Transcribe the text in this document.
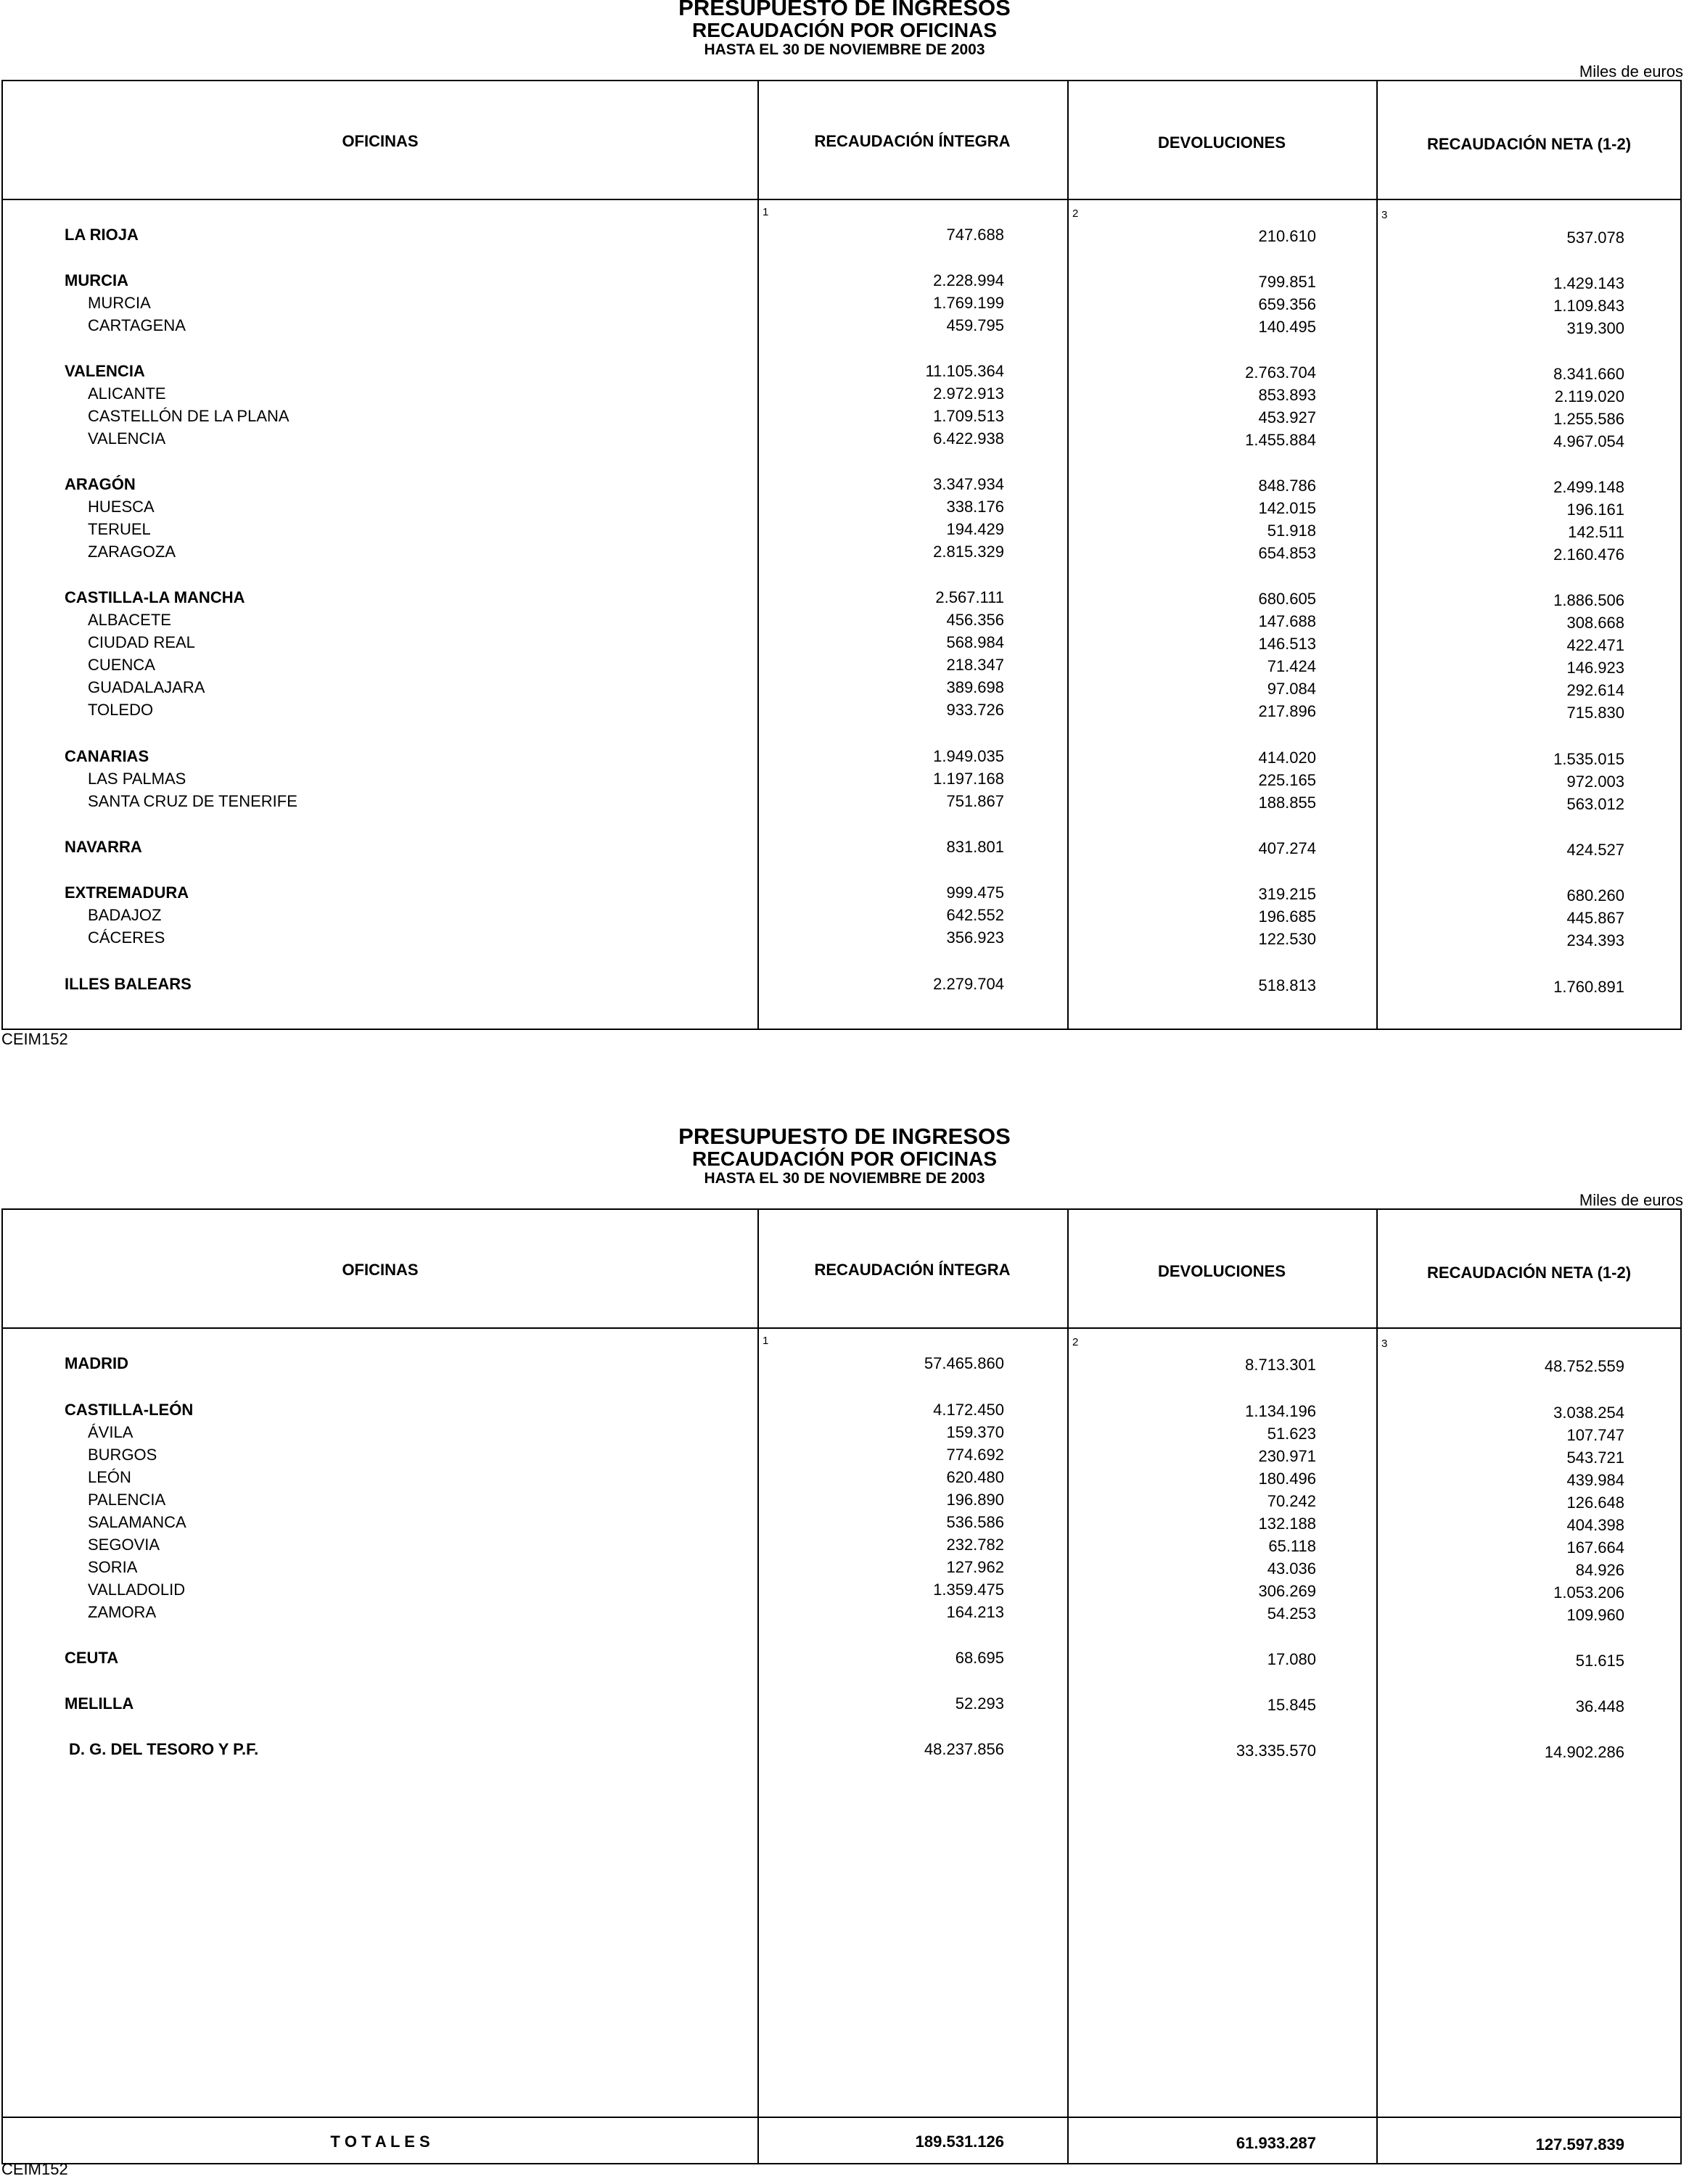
PRESUPUESTO DE INGRESOS
RECAUDACIÓN POR OFICINAS
HASTA EL 30 DE NOVIEMBRE DE 2003
Miles de euros
OFICINAS	RECAUDACIÓN ÍNTEGRA	DEVOLUCIONES	RECAUDACIÓN NETA (1-2)
1	2	3
LA RIOJA	747.688	210.610	537.078
MURCIA	2.228.994	799.851	1.429.143
MURCIA	1.769.199	659.356	1.109.843
CARTAGENA	459.795	140.495	319.300
VALENCIA	11.105.364	2.763.704	8.341.660
ALICANTE	2.972.913	853.893	2.119.020
CASTELLÓN DE LA PLANA	1.709.513	453.927	1.255.586
VALENCIA	6.422.938	1.455.884	4.967.054
ARAGÓN	3.347.934	848.786	2.499.148
HUESCA	338.176	142.015	196.161
TERUEL	194.429	51.918	142.511
ZARAGOZA	2.815.329	654.853	2.160.476
CASTILLA-LA MANCHA	2.567.111	680.605	1.886.506
ALBACETE	456.356	147.688	308.668
CIUDAD REAL	568.984	146.513	422.471
CUENCA	218.347	71.424	146.923
GUADALAJARA	389.698	97.084	292.614
TOLEDO	933.726	217.896	715.830
CANARIAS	1.949.035	414.020	1.535.015
LAS PALMAS	1.197.168	225.165	972.003
SANTA CRUZ DE TENERIFE	751.867	188.855	563.012
NAVARRA	831.801	407.274	424.527
EXTREMADURA	999.475	319.215	680.260
BADAJOZ	642.552	196.685	445.867
CÁCERES	356.923	122.530	234.393
ILLES BALEARS	2.279.704	518.813	1.760.891
CEIM152
PRESUPUESTO DE INGRESOS
RECAUDACIÓN POR OFICINAS
HASTA EL 30 DE NOVIEMBRE DE 2003
Miles de euros
OFICINAS	RECAUDACIÓN ÍNTEGRA	DEVOLUCIONES	RECAUDACIÓN NETA (1-2)
1	2	3
MADRID	57.465.860	8.713.301	48.752.559
CASTILLA-LEÓN	4.172.450	1.134.196	3.038.254
ÁVILA	159.370	51.623	107.747
BURGOS	774.692	230.971	543.721
LEÓN	620.480	180.496	439.984
PALENCIA	196.890	70.242	126.648
SALAMANCA	536.586	132.188	404.398
SEGOVIA	232.782	65.118	167.664
SORIA	127.962	43.036	84.926
VALLADOLID	1.359.475	306.269	1.053.206
ZAMORA	164.213	54.253	109.960
CEUTA	68.695	17.080	51.615
MELILLA	52.293	15.845	36.448
D. G. DEL TESORO Y P.F.	48.237.856	33.335.570	14.902.286
T O T A L E S	189.531.126	61.933.287	127.597.839
CEIM152
